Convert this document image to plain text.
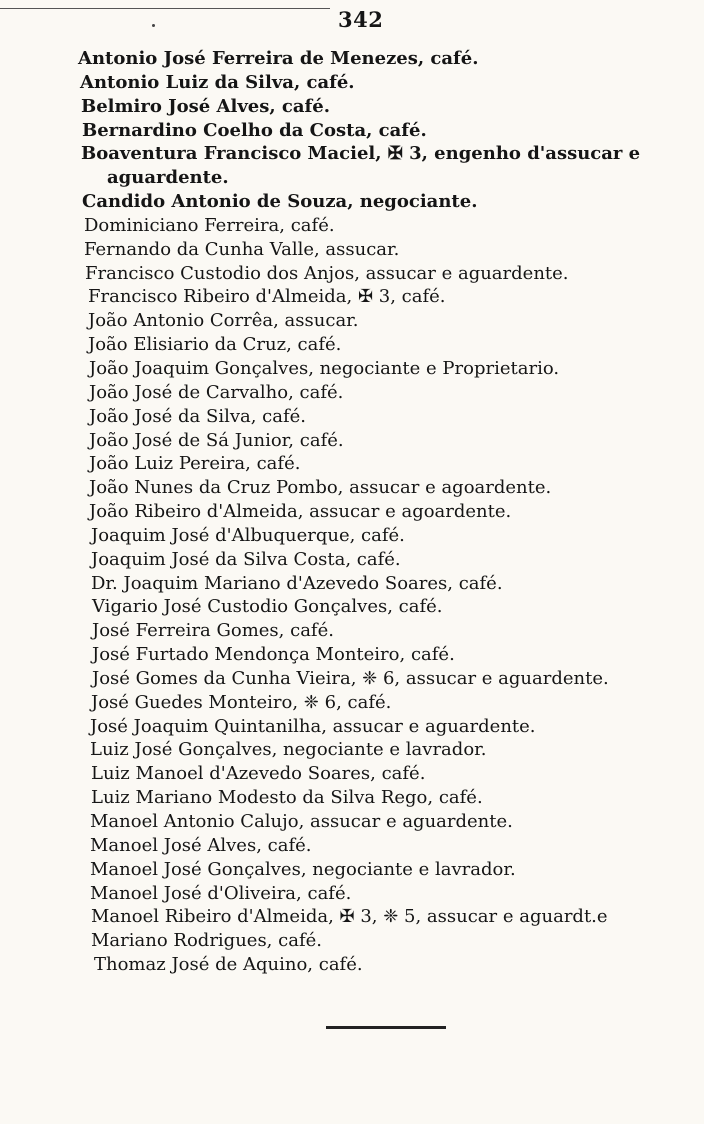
342
Antonio José Ferreira de Menezes, café.
Antonio Luiz da Silva, café.
Belmiro José Alves, café.
Bernardino Coelho da Costa, café.
Boaventura Francisco Maciel, ✠ 3, engenho d'assucar e
aguardente.
Candido Antonio de Souza, negociante.
Dominiciano Ferreira, café.
Fernando da Cunha Valle, assucar.
Francisco Custodio dos Anjos, assucar e aguardente.
Francisco Ribeiro d'Almeida, ✠ 3, café.
João Antonio Corrêa, assucar.
João Elisiario da Cruz, café.
João Joaquim Gonçalves, negociante e Proprietario.
João José de Carvalho, café.
João José da Silva, café.
João José de Sá Junior, café.
João Luiz Pereira, café.
João Nunes da Cruz Pombo, assucar e agoardente.
João Ribeiro d'Almeida, assucar e agoardente.
Joaquim José d'Albuquerque, café.
Joaquim José da Silva Costa, café.
Dr. Joaquim Mariano d'Azevedo Soares, café.
Vigario José Custodio Gonçalves, café.
José Ferreira Gomes, café.
José Furtado Mendonça Monteiro, café.
José Gomes da Cunha Vieira, ❈ 6, assucar e aguardente.
José Guedes Monteiro, ❈ 6, café.
José Joaquim Quintanilha, assucar e aguardente.
Luiz José Gonçalves, negociante e lavrador.
Luiz Manoel d'Azevedo Soares, café.
Luiz Mariano Modesto da Silva Rego, café.
Manoel Antonio Calujo, assucar e aguardente.
Manoel José Alves, café.
Manoel José Gonçalves, negociante e lavrador.
Manoel José d'Oliveira, café.
Manoel Ribeiro d'Almeida, ✠ 3, ❈ 5, assucar e aguardt.e
Mariano Rodrigues, café.
Thomaz José de Aquino, café.
